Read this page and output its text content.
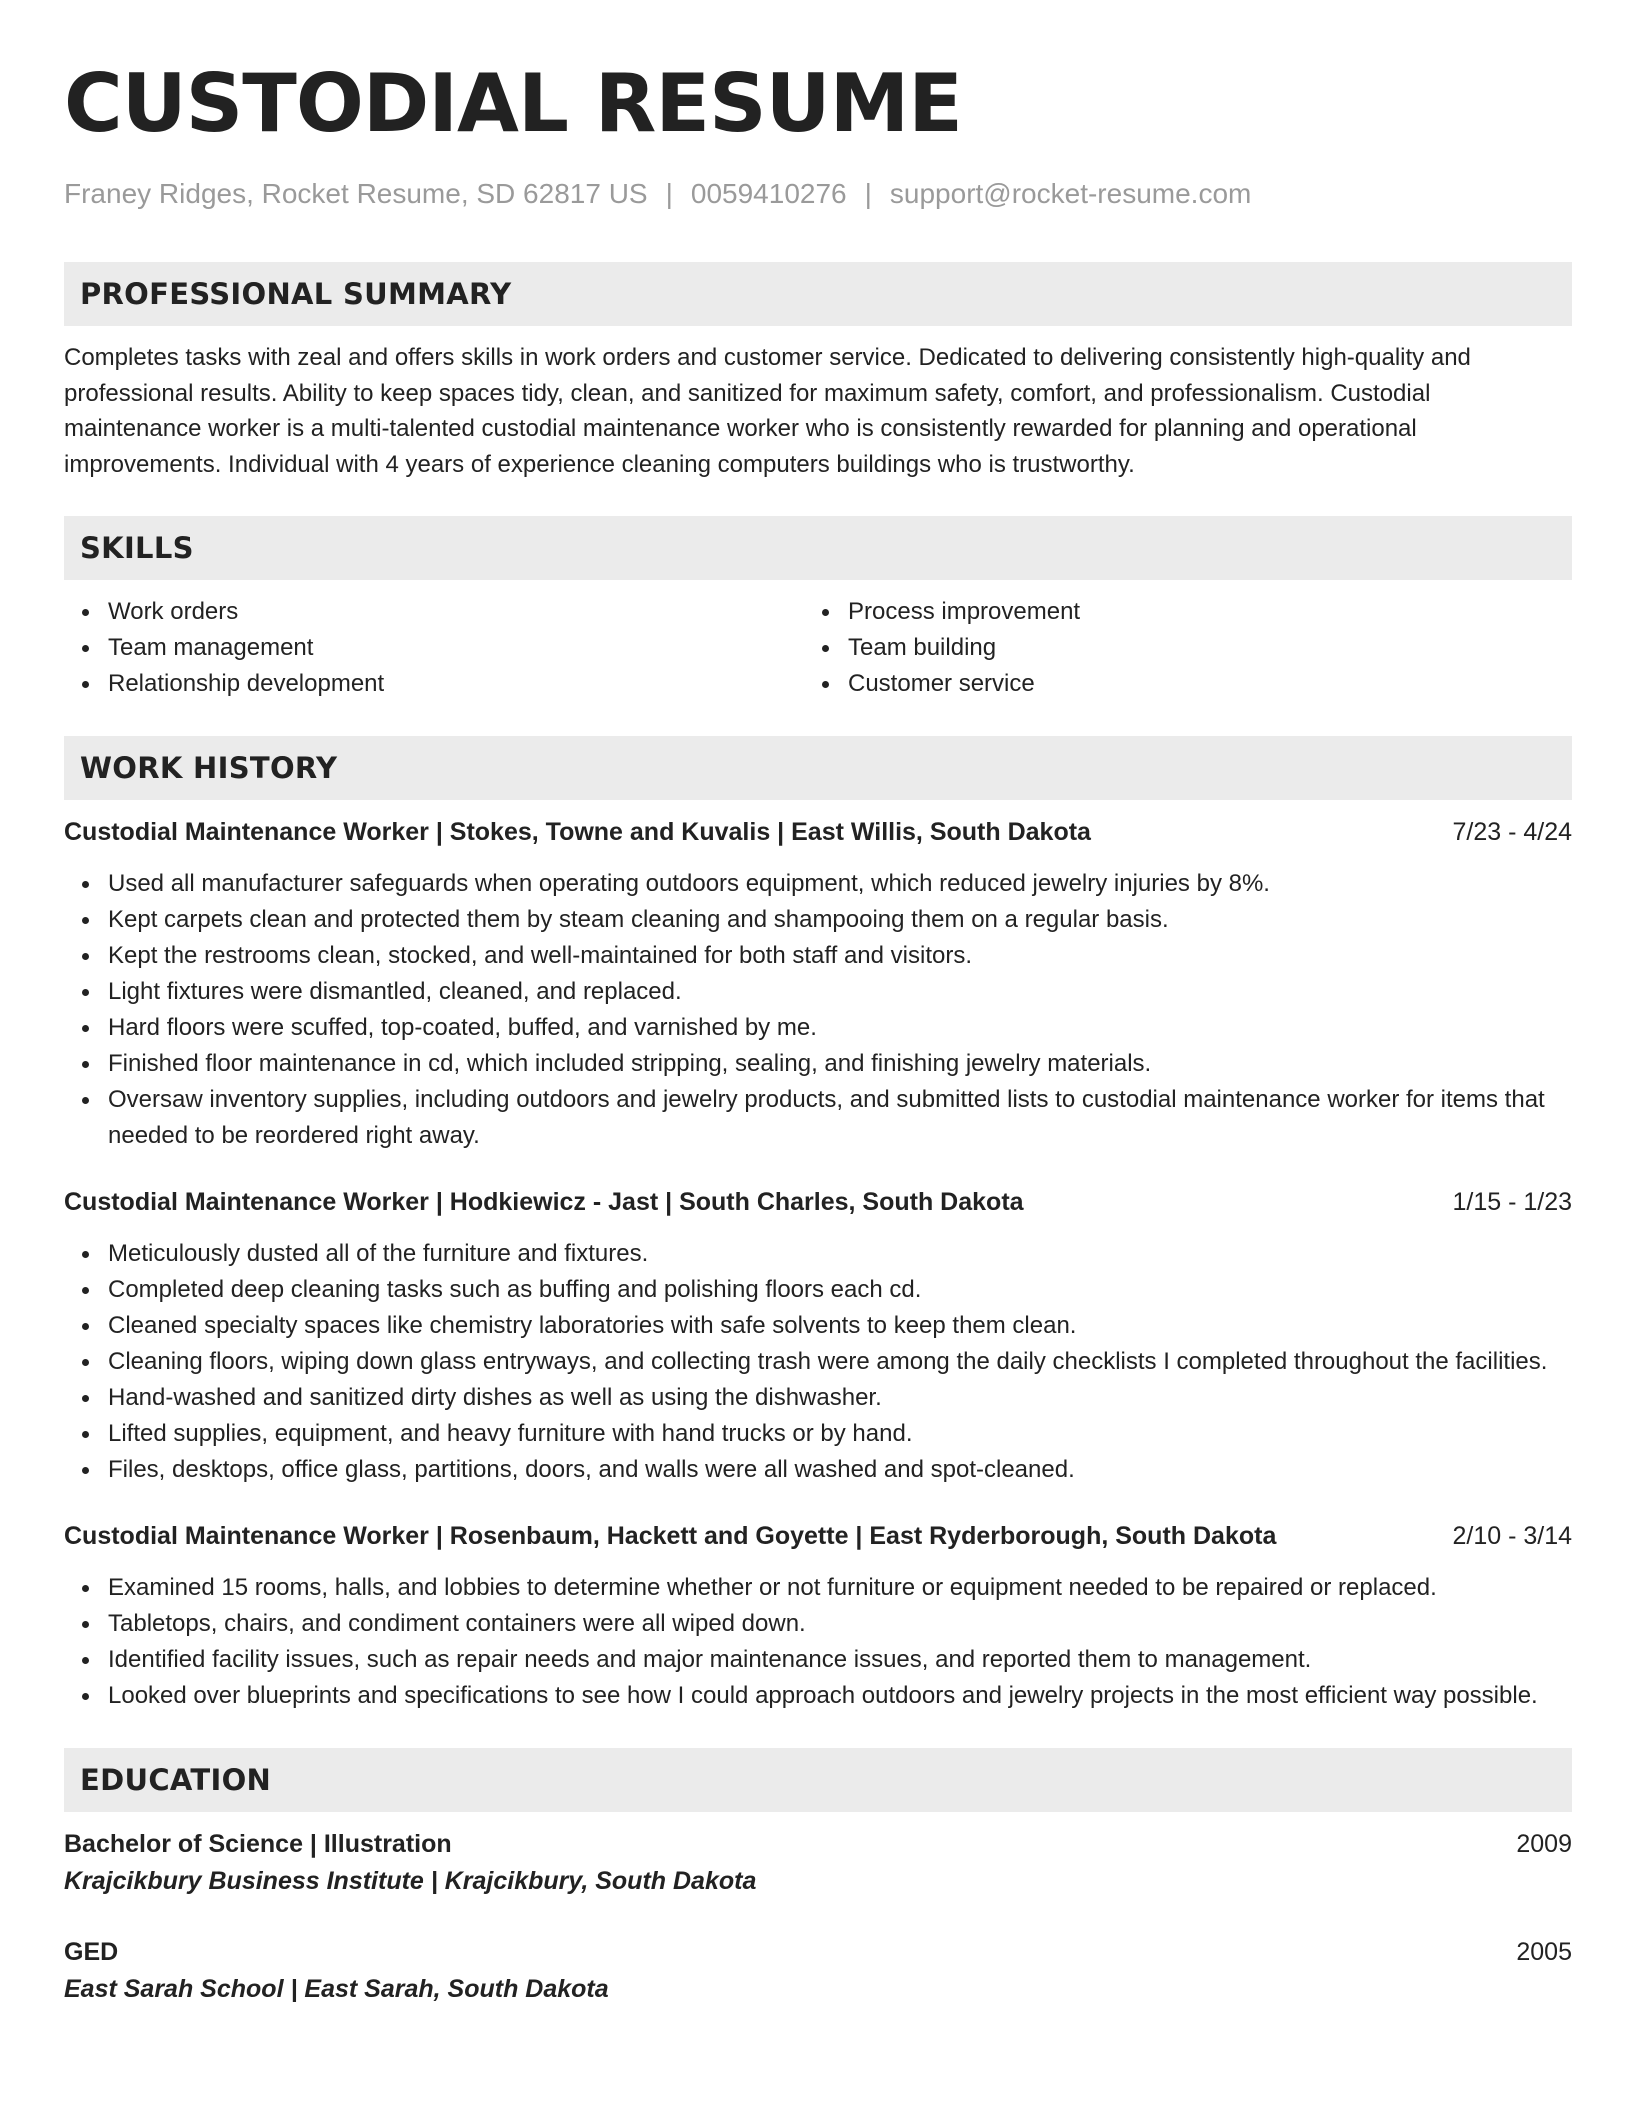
CUSTODIAL RESUME
Franey Ridges, Rocket Resume, SD 62817 US | 0059410276 | support@rocket-resume.com
PROFESSIONAL SUMMARY
Completes tasks with zeal and offers skills in work orders and customer service. Dedicated to delivering consistently high-quality and professional results. Ability to keep spaces tidy, clean, and sanitized for maximum safety, comfort, and professionalism. Custodial maintenance worker is a multi-talented custodial maintenance worker who is consistently rewarded for planning and operational improvements. Individual with 4 years of experience cleaning computers buildings who is trustworthy.
SKILLS
Work orders
Team management
Relationship development
Process improvement
Team building
Customer service
WORK HISTORY
Custodial Maintenance Worker | Stokes, Towne and Kuvalis | East Willis, South Dakota	7/23 - 4/24
Used all manufacturer safeguards when operating outdoors equipment, which reduced jewelry injuries by 8%.
Kept carpets clean and protected them by steam cleaning and shampooing them on a regular basis.
Kept the restrooms clean, stocked, and well-maintained for both staff and visitors.
Light fixtures were dismantled, cleaned, and replaced.
Hard floors were scuffed, top-coated, buffed, and varnished by me.
Finished floor maintenance in cd, which included stripping, sealing, and finishing jewelry materials.
Oversaw inventory supplies, including outdoors and jewelry products, and submitted lists to custodial maintenance worker for items that needed to be reordered right away.
Custodial Maintenance Worker | Hodkiewicz - Jast | South Charles, South Dakota	1/15 - 1/23
Meticulously dusted all of the furniture and fixtures.
Completed deep cleaning tasks such as buffing and polishing floors each cd.
Cleaned specialty spaces like chemistry laboratories with safe solvents to keep them clean.
Cleaning floors, wiping down glass entryways, and collecting trash were among the daily checklists I completed throughout the facilities.
Hand-washed and sanitized dirty dishes as well as using the dishwasher.
Lifted supplies, equipment, and heavy furniture with hand trucks or by hand.
Files, desktops, office glass, partitions, doors, and walls were all washed and spot-cleaned.
Custodial Maintenance Worker | Rosenbaum, Hackett and Goyette | East Ryderborough, South Dakota	2/10 - 3/14
Examined 15 rooms, halls, and lobbies to determine whether or not furniture or equipment needed to be repaired or replaced.
Tabletops, chairs, and condiment containers were all wiped down.
Identified facility issues, such as repair needs and major maintenance issues, and reported them to management.
Looked over blueprints and specifications to see how I could approach outdoors and jewelry projects in the most efficient way possible.
EDUCATION
Bachelor of Science | Illustration	2009
Krajcikbury Business Institute | Krajcikbury, South Dakota
GED	2005
East Sarah School | East Sarah, South Dakota
